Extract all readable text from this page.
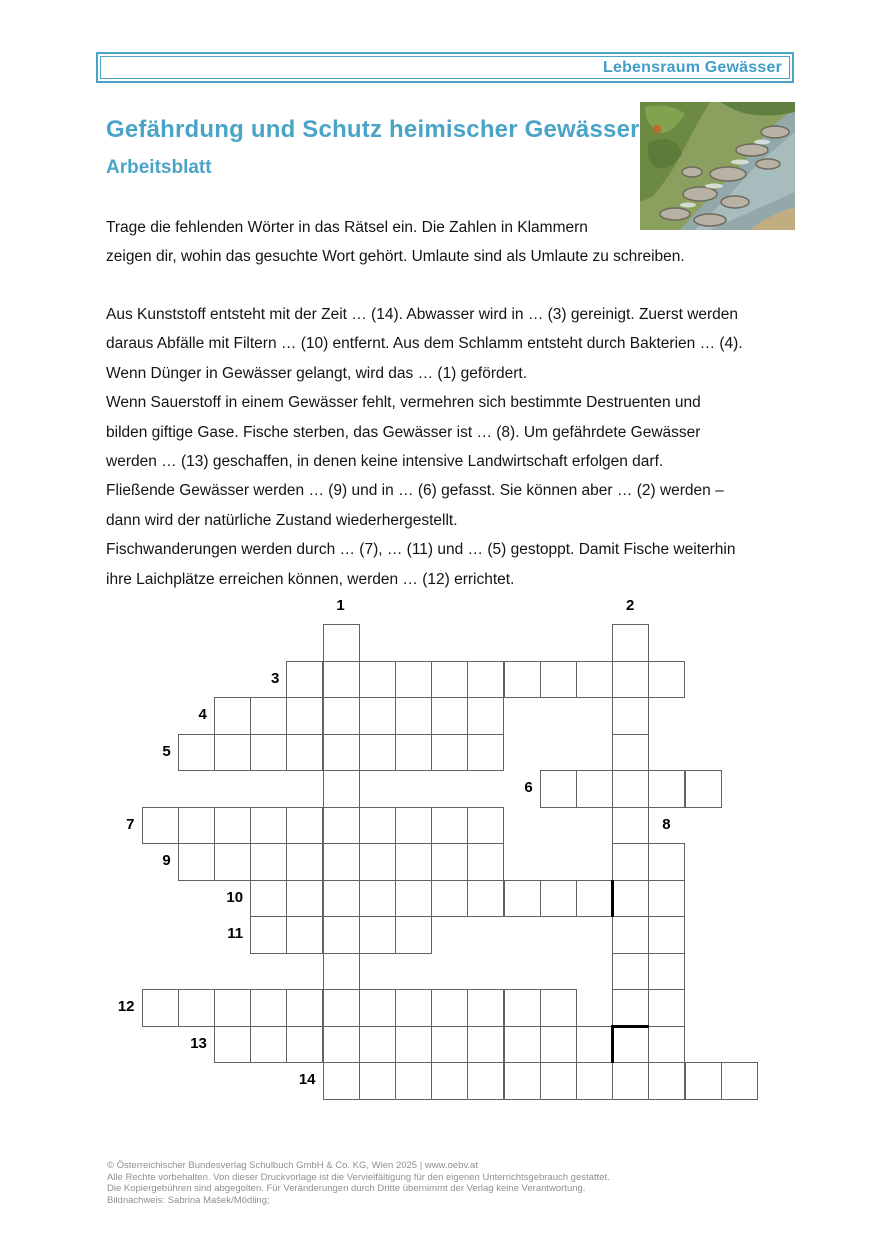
Lebensraum Gewässer
Gefährdung und Schutz heimischer Gewässer
Arbeitsblatt
Trage die fehlenden Wörter in das Rätsel ein. Die Zahlen in Klammern
zeigen dir, wohin das gesuchte Wort gehört. Umlaute sind als Umlaute zu schreiben.
Aus Kunststoff entsteht mit der Zeit … (14). Abwasser wird in … (3) gereinigt. Zuerst werden
daraus Abfälle mit Filtern … (10) entfernt. Aus dem Schlamm entsteht durch Bakterien … (4).
Wenn Dünger in Gewässer gelangt, wird das … (1) gefördert.
Wenn Sauerstoff in einem Gewässer fehlt, vermehren sich bestimmte Destruenten und
bilden giftige Gase. Fische sterben, das Gewässer ist … (8). Um gefährdete Gewässer
werden … (13) geschaffen, in denen keine intensive Landwirtschaft erfolgen darf.
Fließende Gewässer werden … (9) und in … (6) gefasst. Sie können aber … (2) werden –
dann wird der natürliche Zustand wiederhergestellt.
Fischwanderungen werden durch … (7), … (11) und … (5) gestoppt. Damit Fische weiterhin
ihre Laichplätze erreichen können, werden … (12) errichtet.
1	2
3
4
5
6
7	8
9
10
11
12
13
14
© Österreichischer Bundesverlag Schulbuch GmbH & Co. KG, Wien 2025 | www.oebv.at
Alle Rechte vorbehalten. Von dieser Druckvorlage ist die Vervielfältigung für den eigenen Unterrichtsgebrauch gestattet.
Die Kopiergebühren sind abgegolten. Für Veränderungen durch Dritte übernimmt der Verlag keine Verantwortung.
Bildnachweis: Sabrina Mašek/Mödling;
